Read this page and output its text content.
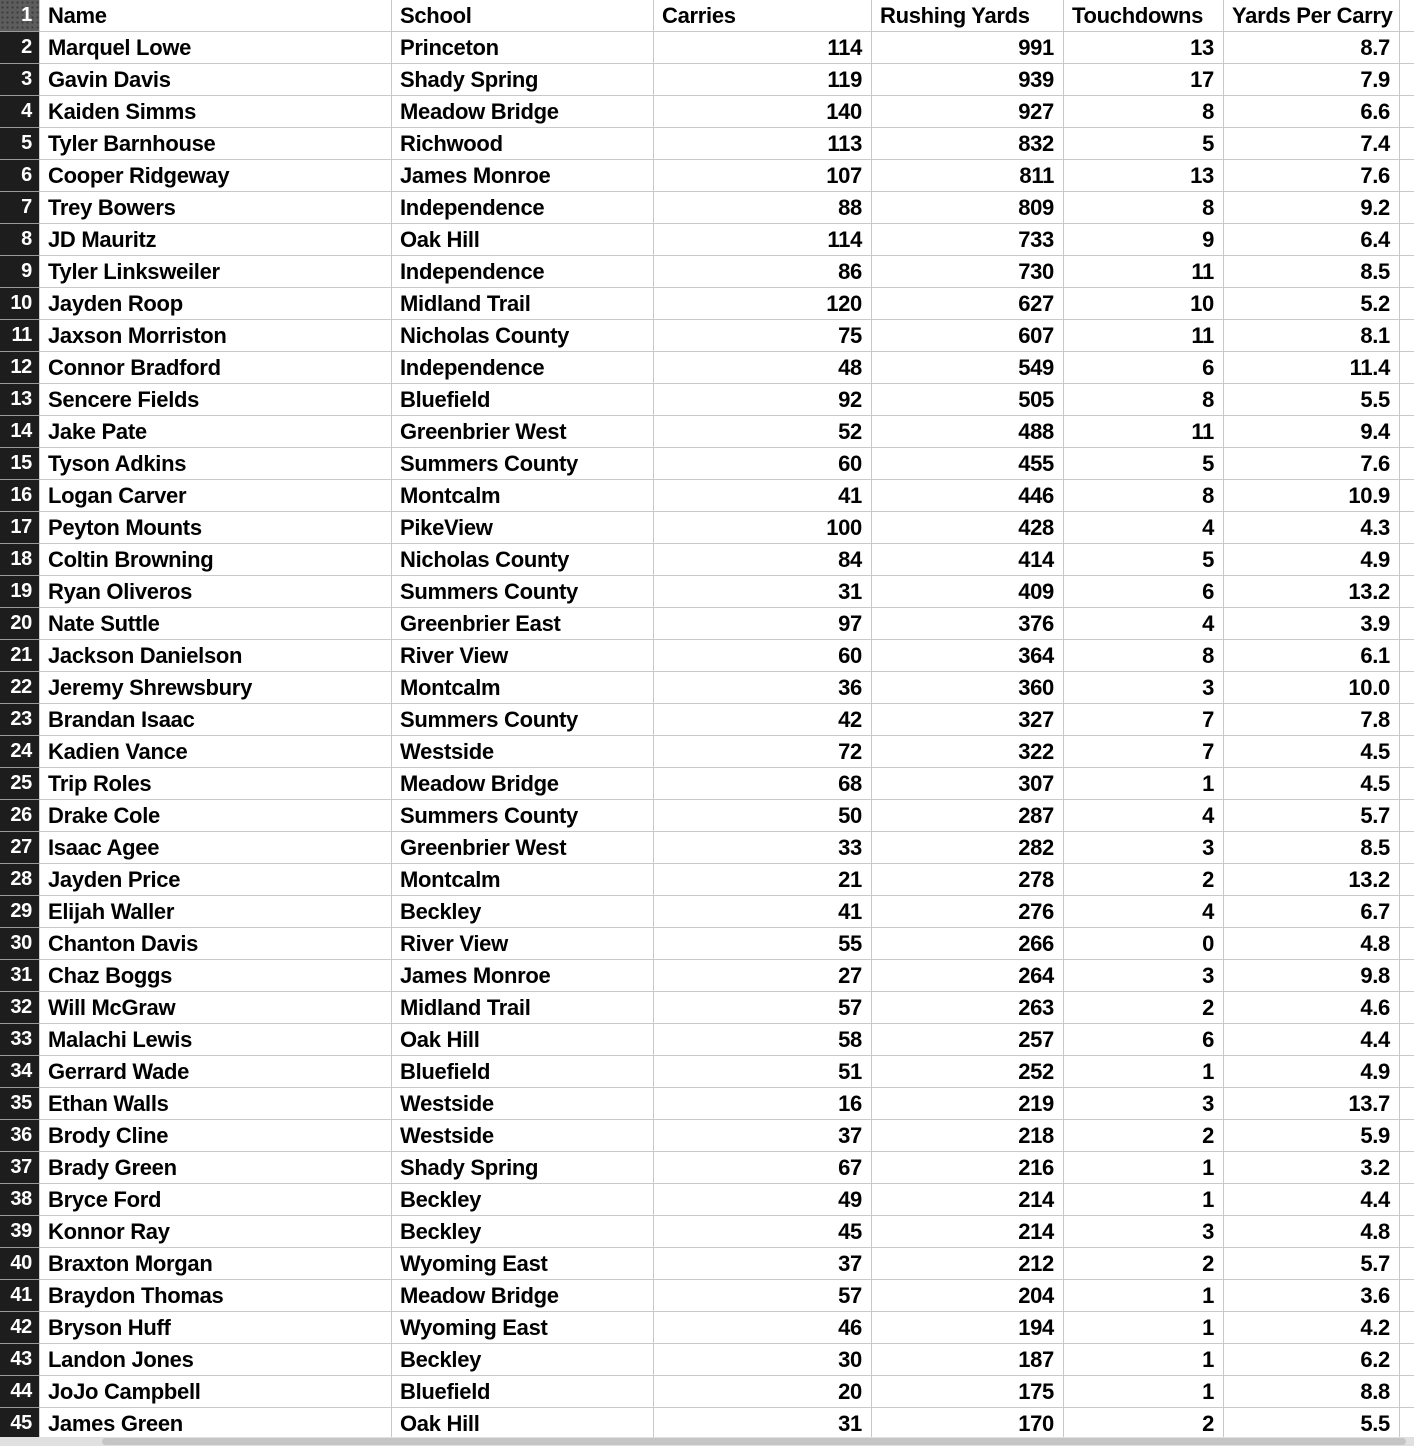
1 Name	School	Carries	Rushing Yards	Touchdowns	Yards Per Carry
2 Marquel Lowe	Princeton	114	991	13	8.7
3 Gavin Davis	Shady Spring	119	939	17	7.9
4 Kaiden Simms	Meadow Bridge	140	927	8	6.6
5 Tyler Barnhouse	Richwood	113	832	5	7.4
6 Cooper Ridgeway	James Monroe	107	811	13	7.6
7 Trey Bowers	Independence	88	809	8	9.2
8 JD Mauritz	Oak Hill	114	733	9	6.4
9 Tyler Linksweiler	Independence	86	730	11	8.5
10 Jayden Roop	Midland Trail	120	627	10	5.2
11 Jaxson Morriston	Nicholas County	75	607	11	8.1
12 Connor Bradford	Independence	48	549	6	11.4
13 Sencere Fields	Bluefield	92	505	8	5.5
14 Jake Pate	Greenbrier West	52	488	11	9.4
15 Tyson Adkins	Summers County	60	455	5	7.6
16 Logan Carver	Montcalm	41	446	8	10.9
17 Peyton Mounts	PikeView	100	428	4	4.3
18 Coltin Browning	Nicholas County	84	414	5	4.9
19 Ryan Oliveros	Summers County	31	409	6	13.2
20 Nate Suttle	Greenbrier East	97	376	4	3.9
21 Jackson Danielson	River View	60	364	8	6.1
22 Jeremy Shrewsbury	Montcalm	36	360	3	10.0
23 Brandan Isaac	Summers County	42	327	7	7.8
24 Kadien Vance	Westside	72	322	7	4.5
25 Trip Roles	Meadow Bridge	68	307	1	4.5
26 Drake Cole	Summers County	50	287	4	5.7
27 Isaac Agee	Greenbrier West	33	282	3	8.5
28 Jayden Price	Montcalm	21	278	2	13.2
29 Elijah Waller	Beckley	41	276	4	6.7
30 Chanton Davis	River View	55	266	0	4.8
31 Chaz Boggs	James Monroe	27	264	3	9.8
32 Will McGraw	Midland Trail	57	263	2	4.6
33 Malachi Lewis	Oak Hill	58	257	6	4.4
34 Gerrard Wade	Bluefield	51	252	1	4.9
35 Ethan Walls	Westside	16	219	3	13.7
36 Brody Cline	Westside	37	218	2	5.9
37 Brady Green	Shady Spring	67	216	1	3.2
38 Bryce Ford	Beckley	49	214	1	4.4
39 Konnor Ray	Beckley	45	214	3	4.8
40 Braxton Morgan	Wyoming East	37	212	2	5.7
41 Braydon Thomas	Meadow Bridge	57	204	1	3.6
42 Bryson Huff	Wyoming East	46	194	1	4.2
43 Landon Jones	Beckley	30	187	1	6.2
44 JoJo Campbell	Bluefield	20	175	1	8.8
45 James Green	Oak Hill	31	170	2	5.5
